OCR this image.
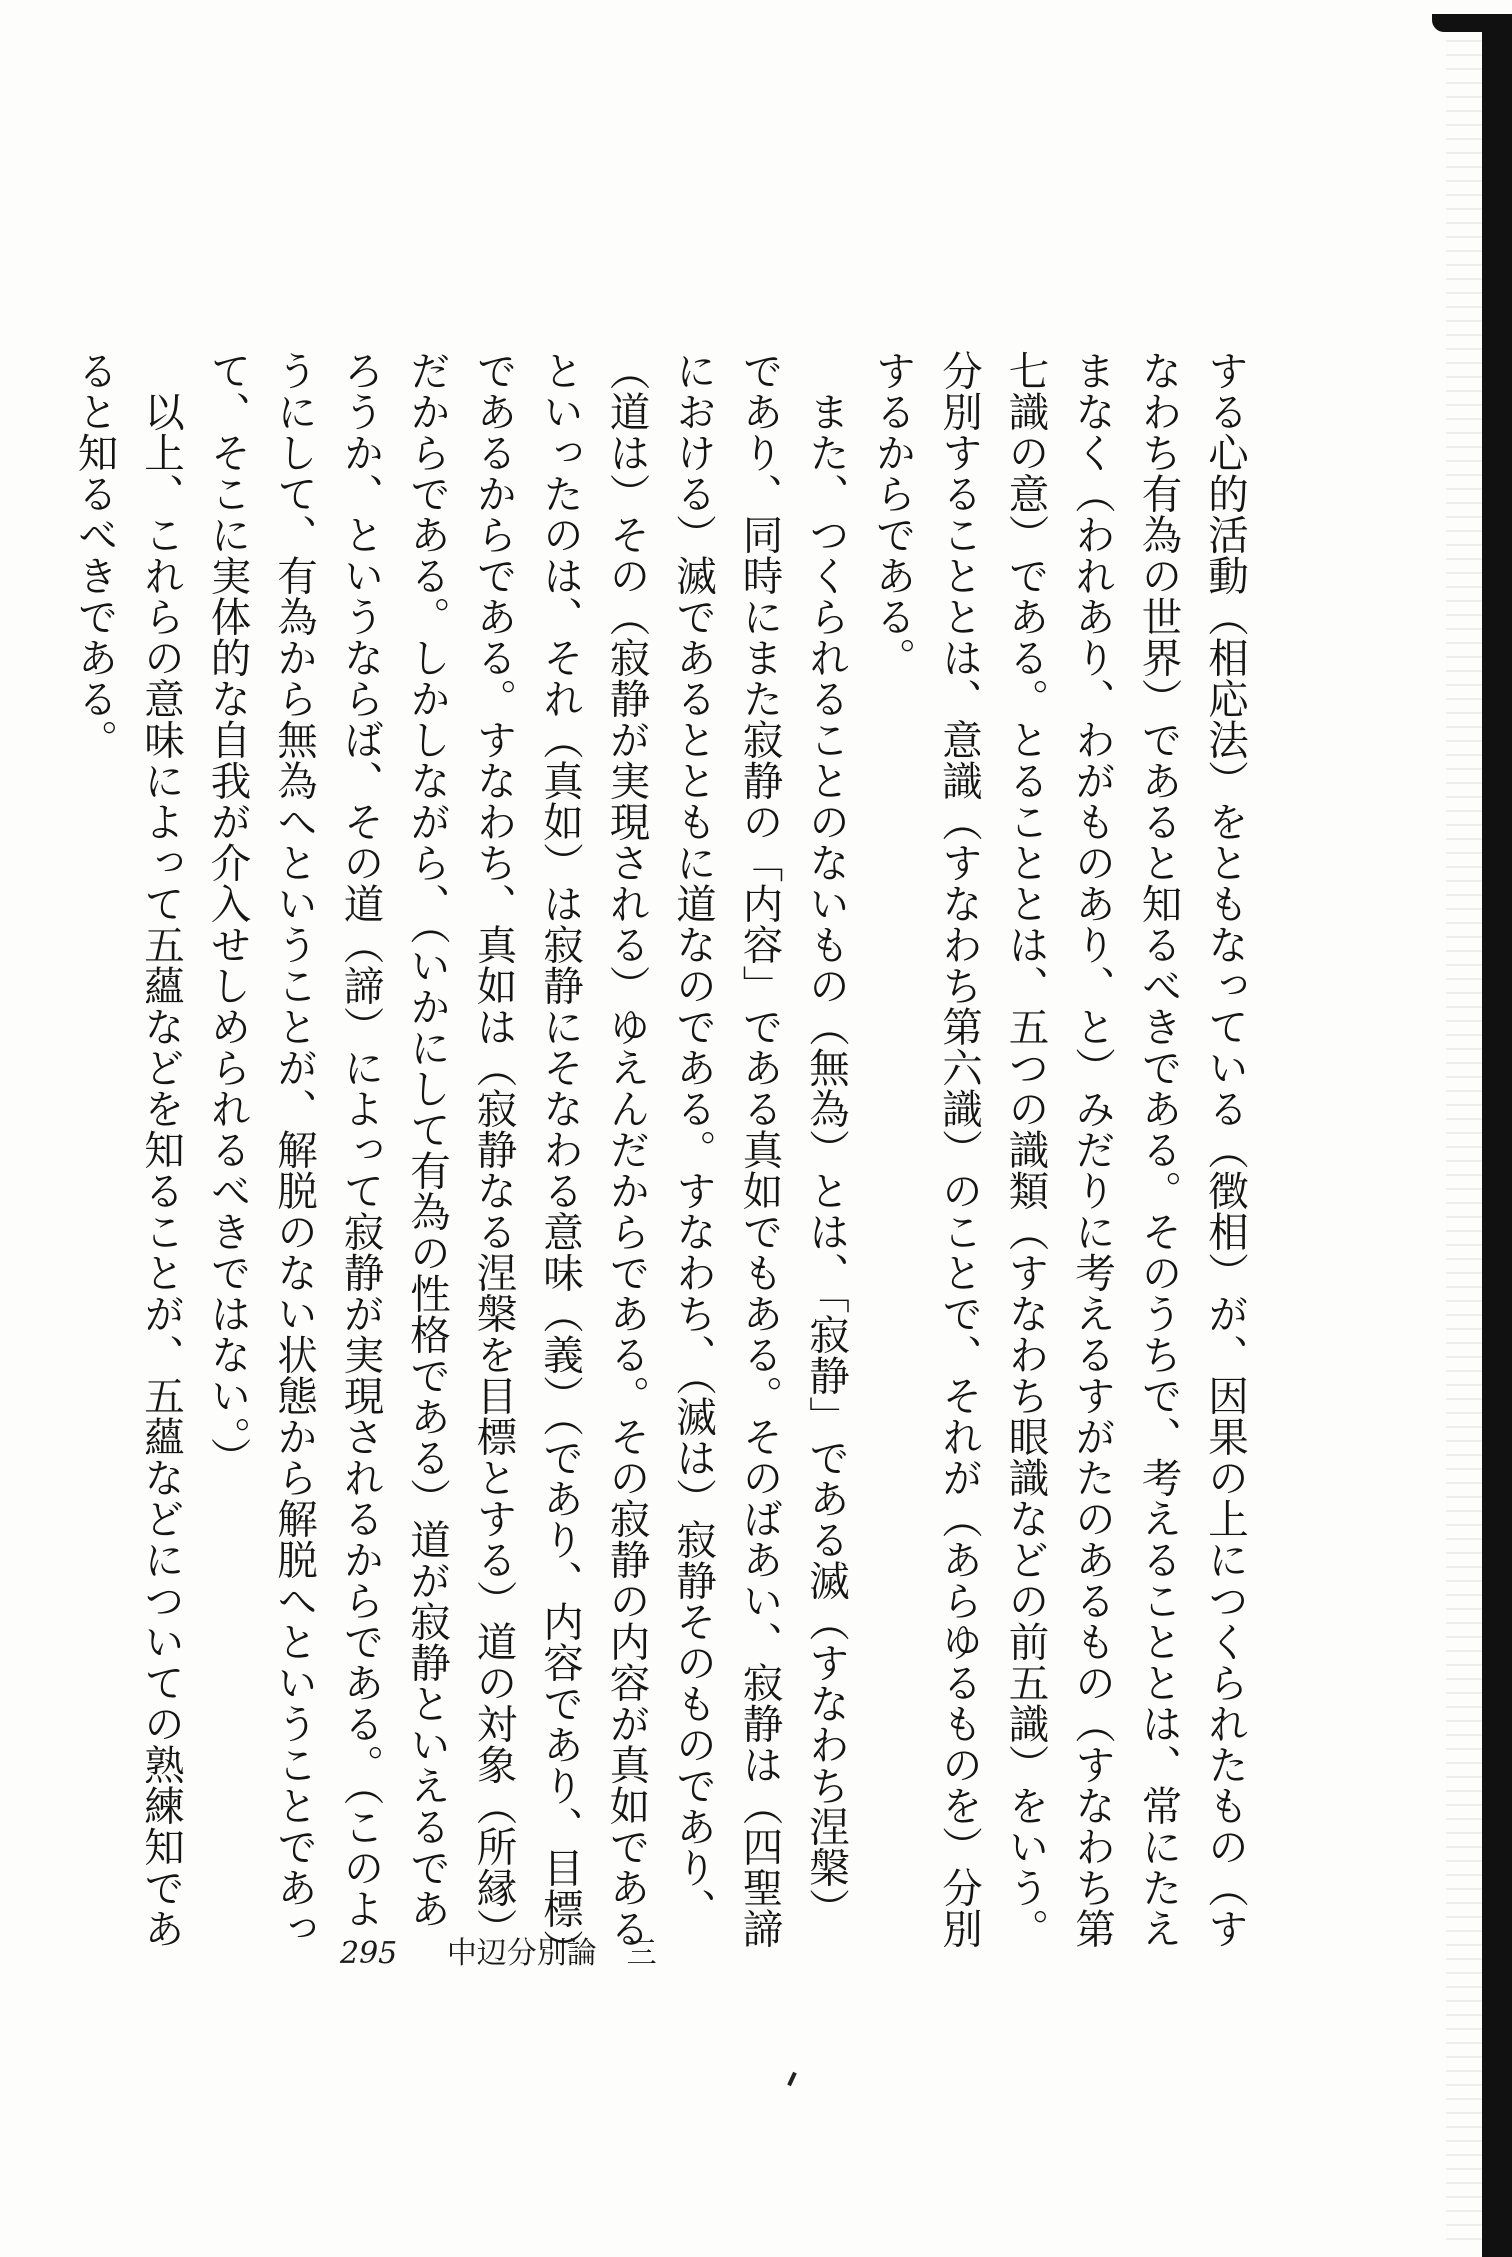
する心的活動（相応法）をともなっている（徴相）が、因果の上につくられたもの（すなわち有為の世界）であると知るべきである。そのうちで、考えることとは、常にたえまなく（われあり、わがものあり、と）みだりに考えるすがたのあるもの（すなわち第七識の意）である。とることとは、五つの識類（すなわち眼識などの前五識）をいう。分別することとは、意識（すなわち第六識）のことで、それが（あらゆるものを）分別するからである。

また、つくられることのないもの（無為）とは、「寂静」である滅（すなわち涅槃）であり、同時にまた寂静の「内容」である真如でもある。そのばあい、寂静は（四聖諦における）滅であるとともに道なのである。すなわち、（滅は）寂静そのものであり、（道は）その（寂静が実現される）ゆえんだからである。その寂静の内容が真如であるといったのは、それ（真如）は寂静にそなわる意味（義）（であり、内容であり、目標）であるからである。すなわち、真如は（寂静なる涅槃を目標とする）道の対象（所縁）だからである。しかしながら、（いかにして有為の性格である）道が寂静といえるであろうか、というならば、その道（諦）によって寂静が実現されるからである。（このようにして、有為から無為へということが、解脱のない状態から解脱へということであって、そこに実体的な自我が介入せしめられるべきではない。）

以上、これらの意味によって五蘊などを知ることが、五蘊などについての熟練知であると知るべきである。

295 中辺分別論　三
